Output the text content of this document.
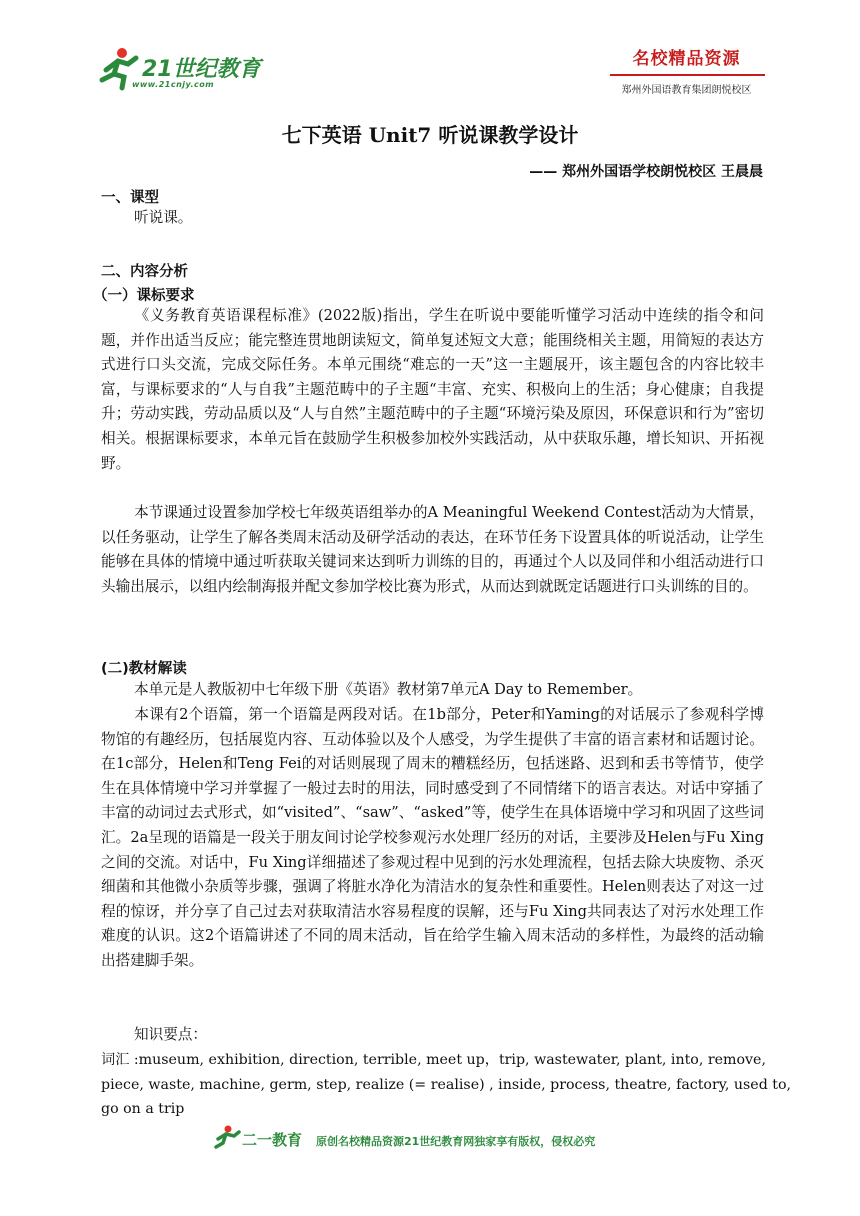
21世纪教育
www.21cnjy.com
名校精品资源
郑州外国语教育集团朗悦校区
七下英语 Unit7 听说课教学设计
—— 郑州外国语学校朗悦校区 王晨晨
一、课型
听说课。
二、内容分析
（一）课标要求
《义务教育英语课程标准》(2022版)指出，学生在听说中要能听懂学习活动中连续的指令和问题，并作出适当反应；能完整连贯地朗读短文，简单复述短文大意；能围绕相关主题，用简短的表达方式进行口头交流，完成交际任务。本单元围绕“难忘的一天”这一主题展开，该主题包含的内容比较丰富，与课标要求的“人与自我”主题范畴中的子主题“丰富、充实、积极向上的生活；身心健康；自我提升；劳动实践，劳动品质以及“人与自然”主题范畴中的子主题“环境污染及原因，环保意识和行为”密切相关。根据课标要求，本单元旨在鼓励学生积极参加校外实践活动，从中获取乐趣，增长知识、开拓视野。
本节课通过设置参加学校七年级英语组举办的A Meaningful Weekend Contest活动为大情景，以任务驱动，让学生了解各类周末活动及研学活动的表达，在环节任务下设置具体的听说活动，让学生能够在具体的情境中通过听获取关键词来达到听力训练的目的，再通过个人以及同伴和小组活动进行口头输出展示，以组内绘制海报并配文参加学校比赛为形式，从而达到就既定话题进行口头训练的目的。
(二)教材解读
本单元是人教版初中七年级下册《英语》教材第7单元A Day to Remember。
本课有2个语篇，第一个语篇是两段对话。在1b部分，Peter和Yaming的对话展示了参观科学博物馆的有趣经历，包括展览内容、互动体验以及个人感受，为学生提供了丰富的语言素材和话题讨论。在1c部分，Helen和Teng Fei的对话则展现了周末的糟糕经历，包括迷路、迟到和丢书等情节，使学生在具体情境中学习并掌握了一般过去时的用法，同时感受到了不同情绪下的语言表达。对话中穿插了丰富的动词过去式形式，如“visited”、“saw”、“asked”等，使学生在具体语境中学习和巩固了这些词汇。2a呈现的语篇是一段关于朋友间讨论学校参观污水处理厂经历的对话，主要涉及Helen与Fu Xing之间的交流。对话中，Fu Xing详细描述了参观过程中见到的污水处理流程，包括去除大块废物、杀灭细菌和其他微小杂质等步骤，强调了将脏水净化为清洁水的复杂性和重要性。Helen则表达了对这一过程的惊讶，并分享了自己过去对获取清洁水容易程度的误解，还与Fu Xing共同表达了对污水处理工作难度的认识。这2个语篇讲述了不同的周末活动，旨在给学生输入周末活动的多样性，为最终的活动输出搭建脚手架。
知识要点：
词汇 :museum, exhibition, direction, terrible, meet up，trip, wastewater, plant, into, remove,
piece, waste, machine, germ, step, realize (= realise) , inside, process, theatre, factory, used to,
go on a trip
二一教育 原创名校精品资源21世纪教育网独家享有版权，侵权必究
